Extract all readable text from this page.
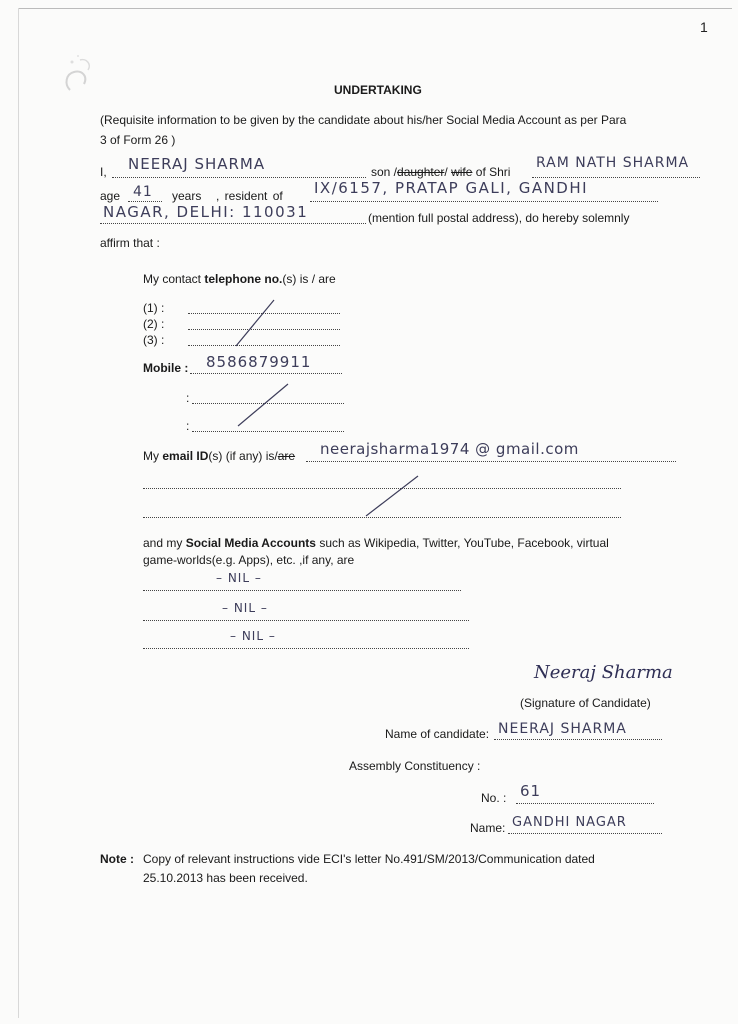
1
UNDERTAKING
(Requisite information to be given by the candidate about his/her Social Media Account as per Para
3 of Form 26 )
I, NEERAJ SHARMA	son /daughter/ wife of Shri
RAM NATH SHARMA
age 41 years , resident of IX/6157, PRATAP GALI, GANDHI
NAGAR, DELHI: 110031	(mention full postal address), do hereby solemnly
affirm that :
My contact telephone no.(s) is / are
(1) :
(2) :
(3) :
Mobile : 8586879911
:
:
My email ID(s) (if any) is/are neerajsharma1974 @ gmail.com
and my Social Media Accounts such as Wikipedia, Twitter, YouTube, Facebook, virtual
game-worlds(e.g. Apps), etc. ,if any, are
– NIL –
– NIL –
– NIL –
Neeraj Sharma
(Signature of Candidate)
Name of candidate: NEERAJ SHARMA
Assembly Constituency :
No. : 61
Name: GANDHI NAGAR
Note : Copy of relevant instructions vide ECI's letter No.491/SM/2013/Communication dated
25.10.2013 has been received.
